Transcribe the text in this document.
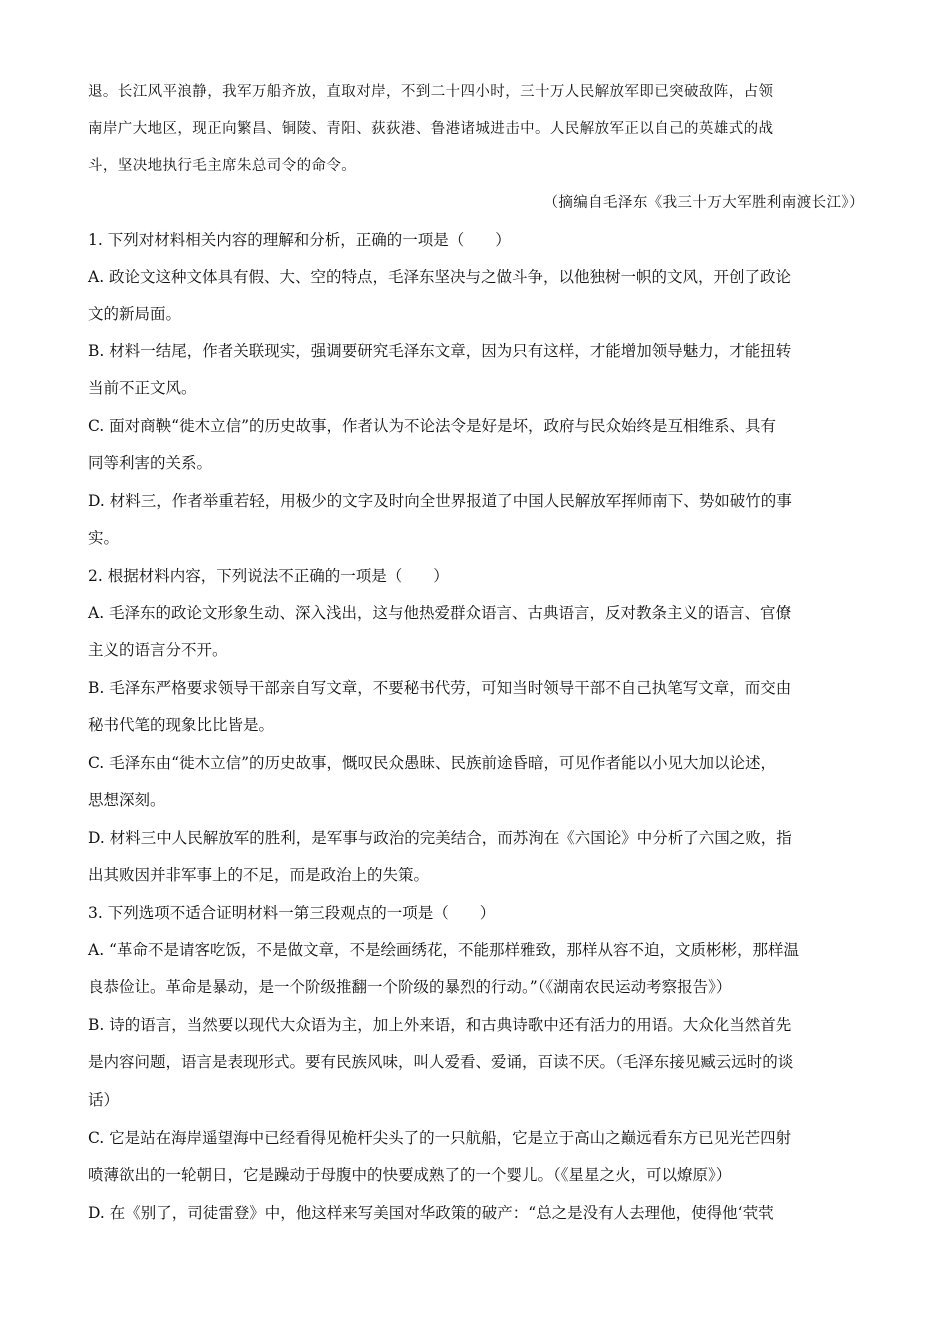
退。长江风平浪静，我军万船齐放，直取对岸，不到二十四小时，三十万人民解放军即已突破敌阵，占领
南岸广大地区，现正向繁昌、铜陵、青阳、荻荻港、鲁港诸城进击中。人民解放军正以自己的英雄式的战
斗，坚决地执行毛主席朱总司令的命令。
（摘编自毛泽东《我三十万大军胜利南渡长江》）
1. 下列对材料相关内容的理解和分析，正确的一项是（　　）
A. 政论文这种文体具有假、大、空的特点，毛泽东坚决与之做斗争，以他独树一帜的文风，开创了政论
文的新局面。
B. 材料一结尾，作者关联现实，强调要研究毛泽东文章，因为只有这样，才能增加领导魅力，才能扭转
当前不正文风。
C. 面对商鞅“徙木立信”的历史故事，作者认为不论法令是好是坏，政府与民众始终是互相维系、具有
同等利害的关系。
D. 材料三，作者举重若轻，用极少的文字及时向全世界报道了中国人民解放军挥师南下、势如破竹的事
实。
2. 根据材料内容，下列说法不正确的一项是（　　）
A. 毛泽东的政论文形象生动、深入浅出，这与他热爱群众语言、古典语言，反对教条主义的语言、官僚
主义的语言分不开。
B. 毛泽东严格要求领导干部亲自写文章，不要秘书代劳，可知当时领导干部不自己执笔写文章，而交由
秘书代笔的现象比比皆是。
C. 毛泽东由“徙木立信”的历史故事，慨叹民众愚昧、民族前途昏暗，可见作者能以小见大加以论述，
思想深刻。
D. 材料三中人民解放军的胜利，是军事与政治的完美结合，而苏洵在《六国论》中分析了六国之败，指
出其败因并非军事上的不足，而是政治上的失策。
3. 下列选项不适合证明材料一第三段观点的一项是（　　）
A. “革命不是请客吃饭，不是做文章，不是绘画绣花，不能那样雅致，那样从容不迫，文质彬彬，那样温
良恭俭让。革命是暴动，是一个阶级推翻一个阶级的暴烈的行动。”（《湖南农民运动考察报告》）
B. 诗的语言，当然要以现代大众语为主，加上外来语，和古典诗歌中还有活力的用语。大众化当然首先
是内容问题，语言是表现形式。要有民族风味，叫人爱看、爱诵，百读不厌。（毛泽东接见臧云远时的谈
话）
C. 它是站在海岸遥望海中已经看得见桅杆尖头了的一只航船，它是立于高山之巅远看东方已见光芒四射
喷薄欲出的一轮朝日，它是躁动于母腹中的快要成熟了的一个婴儿。（《星星之火，可以燎原》）
D. 在《别了，司徒雷登》中，他这样来写美国对华政策的破产：“总之是没有人去理他，使得他‘茕茕
